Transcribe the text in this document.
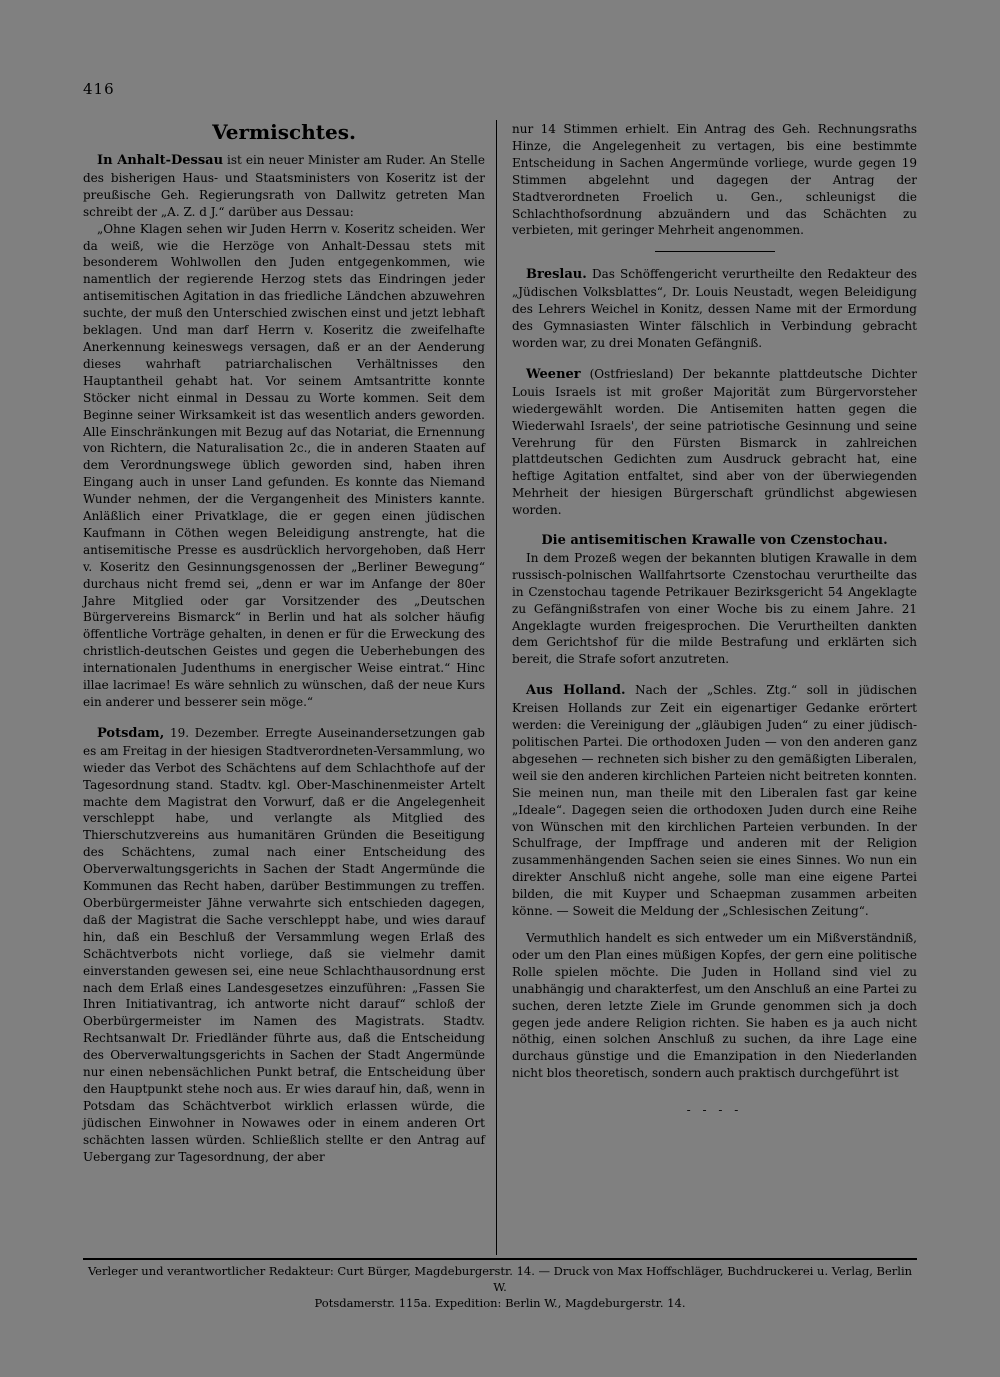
416
Vermischtes.

In Anhalt-Dessau ist ein neuer Minister am Ruder. An Stelle des bisherigen Haus- und Staatsministers von Koseritz ist der preußische Geh. Regierungsrath von Dallwitz getreten Man schreibt der „A. Z. d J.“ darüber aus Dessau:

„Ohne Klagen sehen wir Juden Herrn v. Koseritz scheiden. Wer da weiß, wie die Herzöge von Anhalt-Dessau stets mit besonderem Wohlwollen den Juden entgegenkommen, wie namentlich der regierende Herzog stets das Eindringen jeder antisemitischen Agitation in das friedliche Ländchen abzuwehren suchte, der muß den Unterschied zwischen einst und jetzt lebhaft beklagen. Und man darf Herrn v. Koseritz die zweifelhafte Anerkennung keineswegs versagen, daß er an der Aenderung dieses wahrhaft patriarchalischen Verhältnisses den Hauptantheil gehabt hat. Vor seinem Amtsantritte konnte Stöcker nicht einmal in Dessau zu Worte kommen. Seit dem Beginne seiner Wirksamkeit ist das wesentlich anders geworden. Alle Einschränkungen mit Bezug auf das Notariat, die Ernennung von Richtern, die Naturalisation 2c., die in anderen Staaten auf dem Verordnungswege üblich geworden sind, haben ihren Eingang auch in unser Land gefunden. Es konnte das Niemand Wunder nehmen, der die Vergangenheit des Ministers kannte. Anläßlich einer Privatklage, die er gegen einen jüdischen Kaufmann in Cöthen wegen Beleidigung anstrengte, hat die antisemitische Presse es ausdrücklich hervorgehoben, daß Herr v. Koseritz den Gesinnungsgenossen der „Berliner Bewegung“ durchaus nicht fremd sei, „denn er war im Anfange der 80er Jahre Mitglied oder gar Vorsitzender des „Deutschen Bürgervereins Bismarck“ in Berlin und hat als solcher häufig öffentliche Vorträge gehalten, in denen er für die Erweckung des christlich-deutschen Geistes und gegen die Ueberhebungen des internationalen Judenthums in energischer Weise eintrat.“ Hinc illae lacrimae! Es wäre sehnlich zu wünschen, daß der neue Kurs ein anderer und besserer sein möge.“

Potsdam, 19. Dezember. Erregte Auseinandersetzungen gab es am Freitag in der hiesigen Stadtverordneten-Versammlung, wo wieder das Verbot des Schächtens auf dem Schlachthofe auf der Tagesordnung stand. Stadtv. kgl. Ober-Maschinenmeister Artelt machte dem Magistrat den Vorwurf, daß er die Angelegenheit verschleppt habe, und verlangte als Mitglied des Thierschutzvereins aus humanitären Gründen die Beseitigung des Schächtens, zumal nach einer Entscheidung des Oberverwaltungsgerichts in Sachen der Stadt Angermünde die Kommunen das Recht haben, darüber Bestimmungen zu treffen. Oberbürgermeister Jähne verwahrte sich entschieden dagegen, daß der Magistrat die Sache verschleppt habe, und wies darauf hin, daß ein Beschluß der Versammlung wegen Erlaß des Schächtverbots nicht vorliege, daß sie vielmehr damit einverstanden gewesen sei, eine neue Schlachthausordnung erst nach dem Erlaß eines Landesgesetzes einzuführen: „Fassen Sie Ihren Initiativantrag, ich antworte nicht darauf“ schloß der Oberbürgermeister im Namen des Magistrats. Stadtv. Rechtsanwalt Dr. Friedländer führte aus, daß die Entscheidung des Oberverwaltungsgerichts in Sachen der Stadt Angermünde nur einen nebensächlichen Punkt betraf, die Entscheidung über den Hauptpunkt stehe noch aus. Er wies darauf hin, daß, wenn in Potsdam das Schächtverbot wirklich erlassen würde, die jüdischen Einwohner in Nowawes oder in einem anderen Ort schächten lassen würden. Schließlich stellte er den Antrag auf Uebergang zur Tagesordnung, der aber

nur 14 Stimmen erhielt. Ein Antrag des Geh. Rechnungsraths Hinze, die Angelegenheit zu vertagen, bis eine bestimmte Entscheidung in Sachen Angermünde vorliege, wurde gegen 19 Stimmen abgelehnt und dagegen der Antrag der Stadtverordneten Froelich u. Gen., schleunigst die Schlachthofsordnung abzuändern und das Schächten zu verbieten, mit geringer Mehrheit angenommen.

Breslau. Das Schöffengericht verurtheilte den Redakteur des „Jüdischen Volksblattes“, Dr. Louis Neustadt, wegen Beleidigung des Lehrers Weichel in Konitz, dessen Name mit der Ermordung des Gymnasiasten Winter fälschlich in Verbindung gebracht worden war, zu drei Monaten Gefängniß.

Weener (Ostfriesland) Der bekannte plattdeutsche Dichter Louis Israels ist mit großer Majorität zum Bürgervorsteher wiedergewählt worden. Die Antisemiten hatten gegen die Wiederwahl Israels', der seine patriotische Gesinnung und seine Verehrung für den Fürsten Bismarck in zahlreichen plattdeutschen Gedichten zum Ausdruck gebracht hat, eine heftige Agitation entfaltet, sind aber von der überwiegenden Mehrheit der hiesigen Bürgerschaft gründlichst abgewiesen worden.

Die antisemitischen Krawalle von Czenstochau.

In dem Prozeß wegen der bekannten blutigen Krawalle in dem russisch-polnischen Wallfahrtsorte Czenstochau verurtheilte das in Czenstochau tagende Petrikauer Bezirksgericht 54 Angeklagte zu Gefängnißstrafen von einer Woche bis zu einem Jahre. 21 Angeklagte wurden freigesprochen. Die Verurtheilten dankten dem Gerichtshof für die milde Bestrafung und erklärten sich bereit, die Strafe sofort anzutreten.

Aus Holland. Nach der „Schles. Ztg.“ soll in jüdischen Kreisen Hollands zur Zeit ein eigenartiger Gedanke erörtert werden: die Vereinigung der „gläubigen Juden“ zu einer jüdisch-politischen Partei. Die orthodoxen Juden — von den anderen ganz abgesehen — rechneten sich bisher zu den gemäßigten Liberalen, weil sie den anderen kirchlichen Parteien nicht beitreten konnten. Sie meinen nun, man theile mit den Liberalen fast gar keine „Ideale“. Dagegen seien die orthodoxen Juden durch eine Reihe von Wünschen mit den kirchlichen Parteien verbunden. In der Schulfrage, der Impffrage und anderen mit der Religion zusammenhängenden Sachen seien sie eines Sinnes. Wo nun ein direkter Anschluß nicht angehe, solle man eine eigene Partei bilden, die mit Kuyper und Schaepman zusammen arbeiten könne. — Soweit die Meldung der „Schlesischen Zeitung“.

Vermuthlich handelt es sich entweder um ein Mißverständniß, oder um den Plan eines müßigen Kopfes, der gern eine politische Rolle spielen möchte. Die Juden in Holland sind viel zu unabhängig und charakterfest, um den Anschluß an eine Partei zu suchen, deren letzte Ziele im Grunde genommen sich ja doch gegen jede andere Religion richten. Sie haben es ja auch nicht nöthig, einen solchen Anschluß zu suchen, da ihre Lage eine durchaus günstige und die Emanzipation in den Niederlanden nicht blos theoretisch, sondern auch praktisch durchgeführt ist

- - - -

Verleger und verantwortlicher Redakteur: Curt Bürger, Magdeburgerstr. 14. — Druck von Max Hoffschläger, Buchdruckerei u. Verlag, Berlin W.
Potsdamerstr. 115a. Expedition: Berlin W., Magdeburgerstr. 14.
